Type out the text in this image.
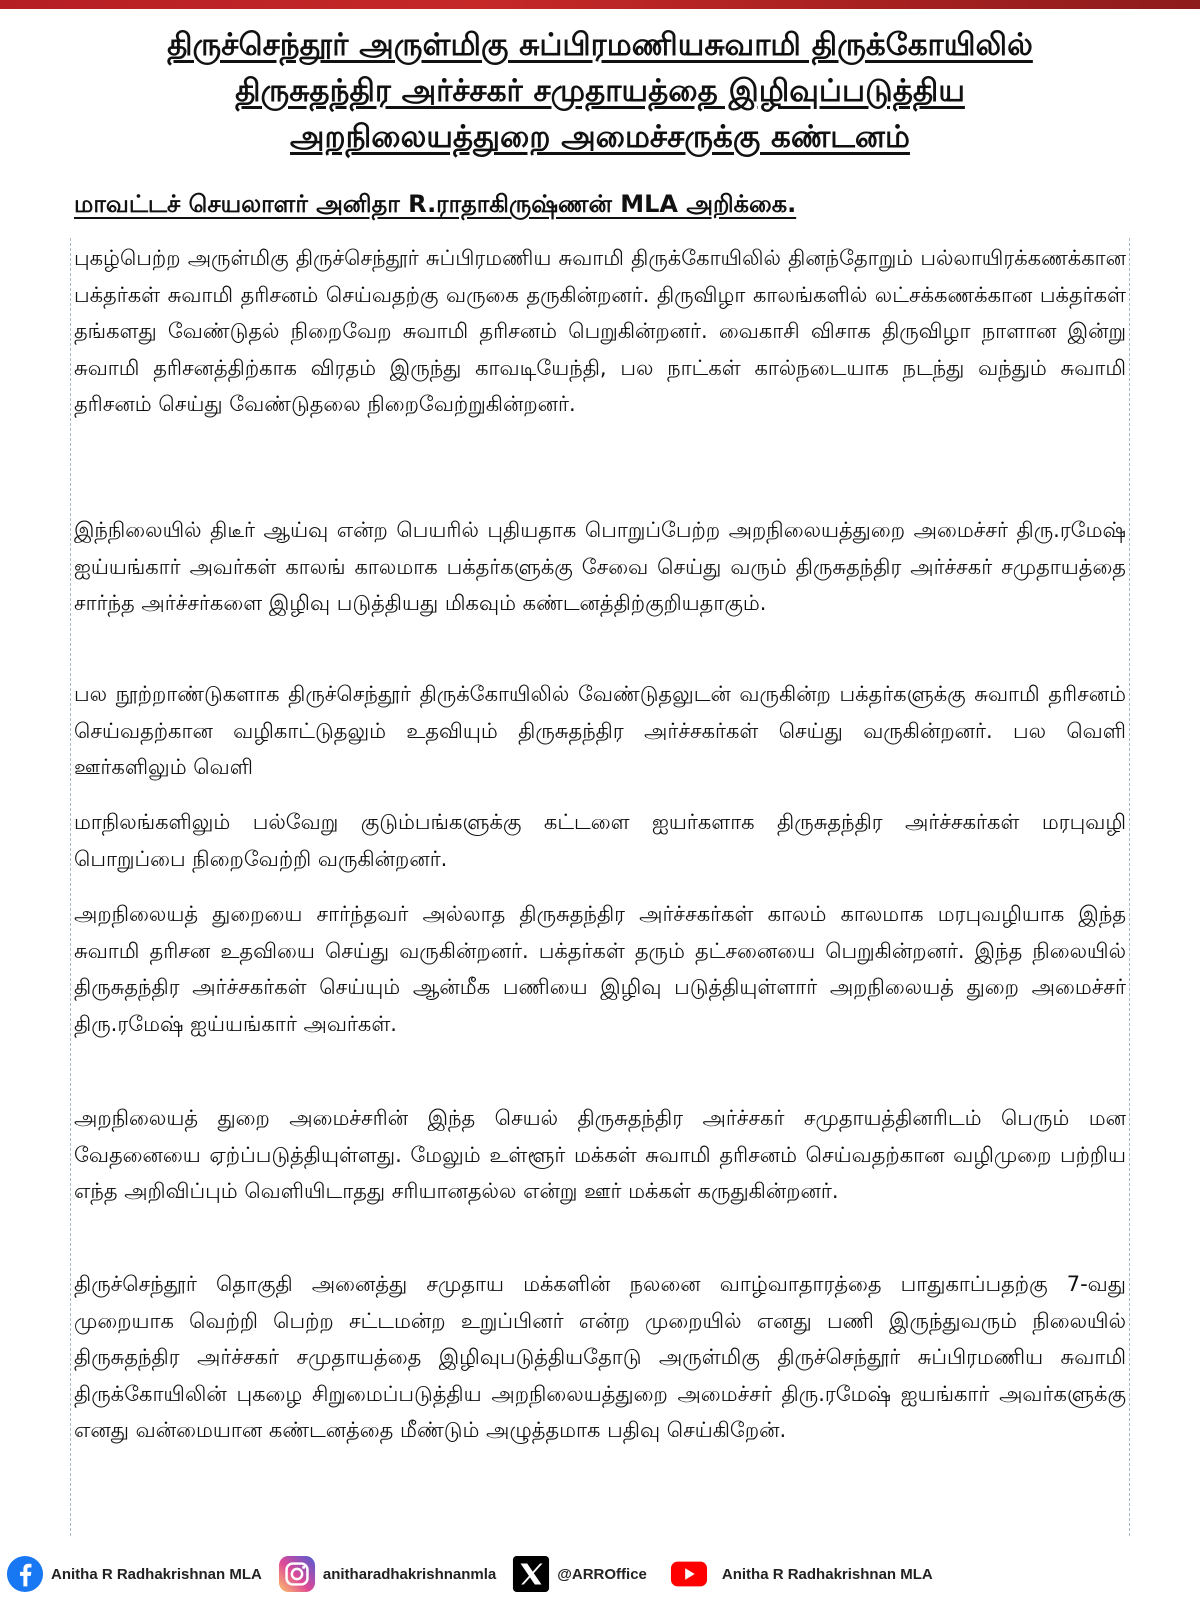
திருச்செந்தூர் அருள்மிகு சுப்பிரமணியசுவாமி திருக்கோயிலில்
திருசுதந்திர அர்ச்சகர் சமுதாயத்தை இழிவுப்படுத்திய
அறநிலையத்துறை அமைச்சருக்கு கண்டனம்
மாவட்டச் செயலாளர் அனிதா R.ராதாகிருஷ்ணன் MLA அறிக்கை.
புகழ்பெற்ற அருள்மிகு திருச்செந்தூர் சுப்பிரமணிய சுவாமி திருக்கோயிலில் தினந்தோறும் பல்லாயிரக்கணக்கான பக்தர்கள் சுவாமி தரிசனம் செய்வதற்கு வருகை தருகின்றனர். திருவிழா காலங்களில் லட்சக்கணக்கான பக்தர்கள் தங்களது வேண்டுதல் நிறைவேற சுவாமி தரிசனம் பெறுகின்றனர். வைகாசி விசாக திருவிழா நாளான இன்று சுவாமி தரிசனத்திற்காக விரதம் இருந்து காவடியேந்தி, பல நாட்கள் கால்நடையாக நடந்து வந்தும் சுவாமி தரிசனம் செய்து வேண்டுதலை நிறைவேற்றுகின்றனர்.
இந்நிலையில் திடீர் ஆய்வு என்ற பெயரில் புதியதாக பொறுப்பேற்ற அறநிலையத்துறை அமைச்சர் திரு.ரமேஷ் ஐய்யங்கார் அவர்கள் காலங் காலமாக பக்தர்களுக்கு சேவை செய்து வரும் திருசுதந்திர அர்ச்சகர் சமுதாயத்தை சார்ந்த அர்ச்சர்களை இழிவு படுத்தியது மிகவும் கண்டனத்திற்குறியதாகும்.
பல நூற்றாண்டுகளாக திருச்செந்தூர் திருக்கோயிலில் வேண்டுதலுடன் வருகின்ற பக்தர்களுக்கு சுவாமி தரிசனம் செய்வதற்கான வழிகாட்டுதலும் உதவியும் திருசுதந்திர அர்ச்சகர்கள் செய்து வருகின்றனர். பல வெளி ஊர்களிலும் வெளி
மாநிலங்களிலும் பல்வேறு குடும்பங்களுக்கு கட்டளை ஐயர்களாக திருசுதந்திர அர்ச்சகர்கள் மரபுவழி பொறுப்பை நிறைவேற்றி வருகின்றனர்.
அறநிலையத் துறையை சார்ந்தவர் அல்லாத திருசுதந்திர அர்ச்சகர்கள் காலம் காலமாக மரபுவழியாக இந்த சுவாமி தரிசன உதவியை செய்து வருகின்றனர். பக்தர்கள் தரும் தட்சனையை பெறுகின்றனர். இந்த நிலையில் திருசுதந்திர அர்ச்சகர்கள் செய்யும் ஆன்மீக பணியை இழிவு படுத்தியுள்ளார் அறநிலையத் துறை அமைச்சர் திரு.ரமேஷ் ஐய்யங்கார் அவர்கள்.
அறநிலையத் துறை அமைச்சரின் இந்த செயல் திருசுதந்திர அர்ச்சகர் சமுதாயத்தினரிடம் பெரும் மன வேதனையை ஏற்ப்படுத்தியுள்ளது. மேலும் உள்ளூர் மக்கள் சுவாமி தரிசனம் செய்வதற்கான வழிமுறை பற்றிய எந்த அறிவிப்பும் வெளியிடாதது சரியானதல்ல என்று ஊர் மக்கள் கருதுகின்றனர்.
திருச்செந்தூர் தொகுதி அனைத்து சமுதாய மக்களின் நலனை வாழ்வாதாரத்தை பாதுகாப்பதற்கு 7-வது முறையாக வெற்றி பெற்ற சட்டமன்ற உறுப்பினர் என்ற முறையில் எனது பணி இருந்துவரும் நிலையில் திருசுதந்திர அர்ச்சகர் சமுதாயத்தை இழிவுபடுத்தியதோடு அருள்மிகு திருச்செந்தூர் சுப்பிரமணிய சுவாமி திருக்கோயிலின் புகழை சிறுமைப்படுத்திய அறநிலையத்துறை அமைச்சர் திரு.ரமேஷ் ஐயங்கார் அவர்களுக்கு எனது வன்மையான கண்டனத்தை மீண்டும் அழுத்தமாக பதிவு செய்கிறேன்.
Anitha R Radhakrishnan MLA	anitharadhakrishnanmla	@ARROffice	Anitha R Radhakrishnan MLA
